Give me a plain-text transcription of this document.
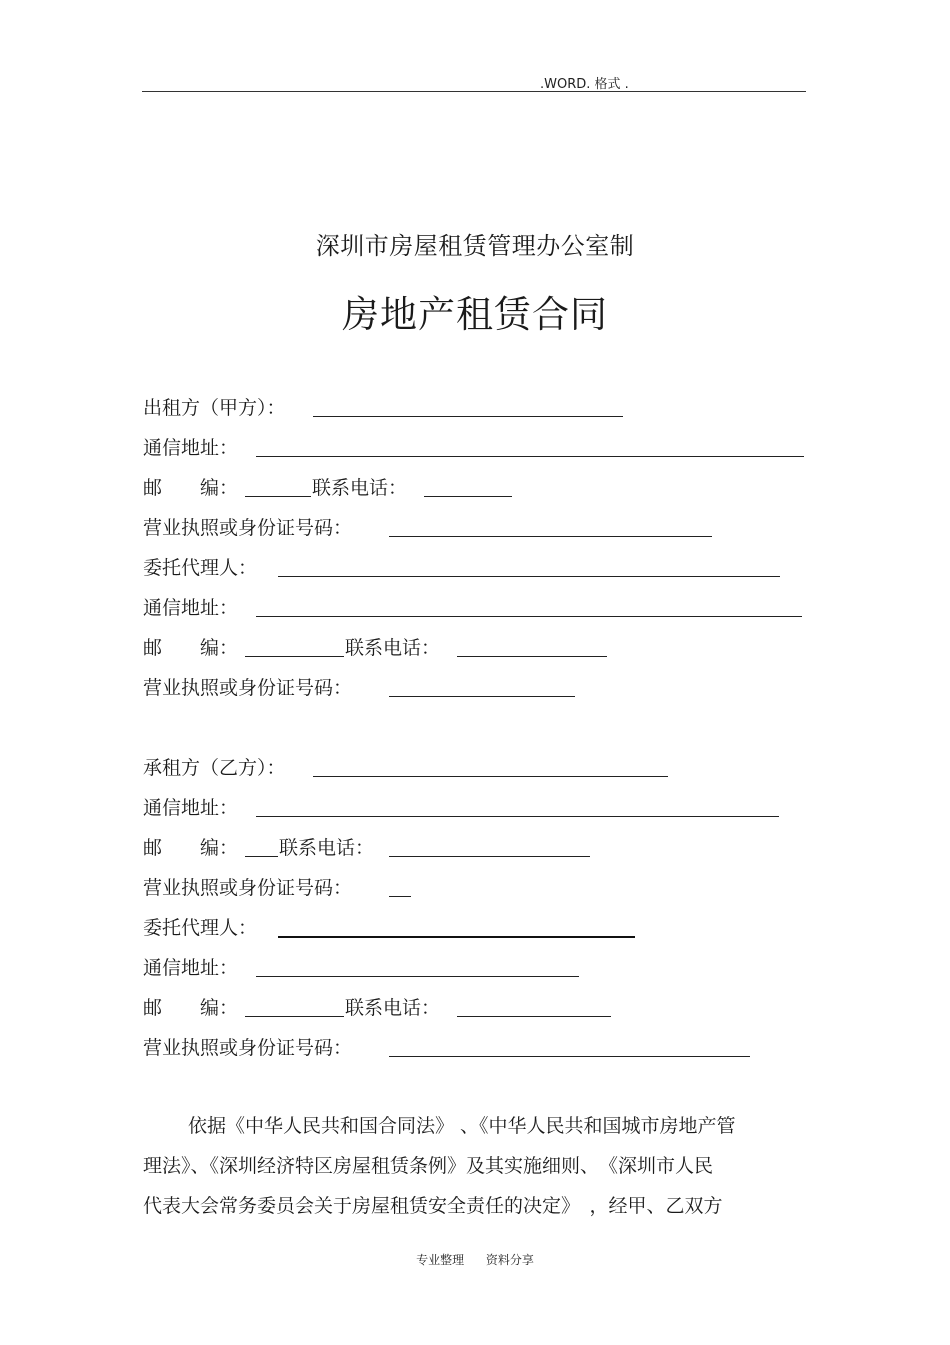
.WORD. 格式 .
深圳市房屋租赁管理办公室制
房地产租赁合同
出租方（甲方）：
通信地址：
邮　　编：	联系电话：
营业执照或身份证号码：
委托代理人：
通信地址：
邮　　编：	联系电话：
营业执照或身份证号码：
承租方（乙方）：
通信地址：
邮　　编： 联系电话：
营业执照或身份证号码：
委托代理人：
通信地址：
邮　　编：	联系电话：
营业执照或身份证号码：
依据《中华人民共和国合同法》 、《中华人民共和国城市房地产管
理法》、《深圳经济特区房屋租赁条例》及其实施细则、　《深圳市人民
代表大会常务委员会关于房屋租赁安全责任的决定》　，经甲、乙双方
专业整理 资料分享
